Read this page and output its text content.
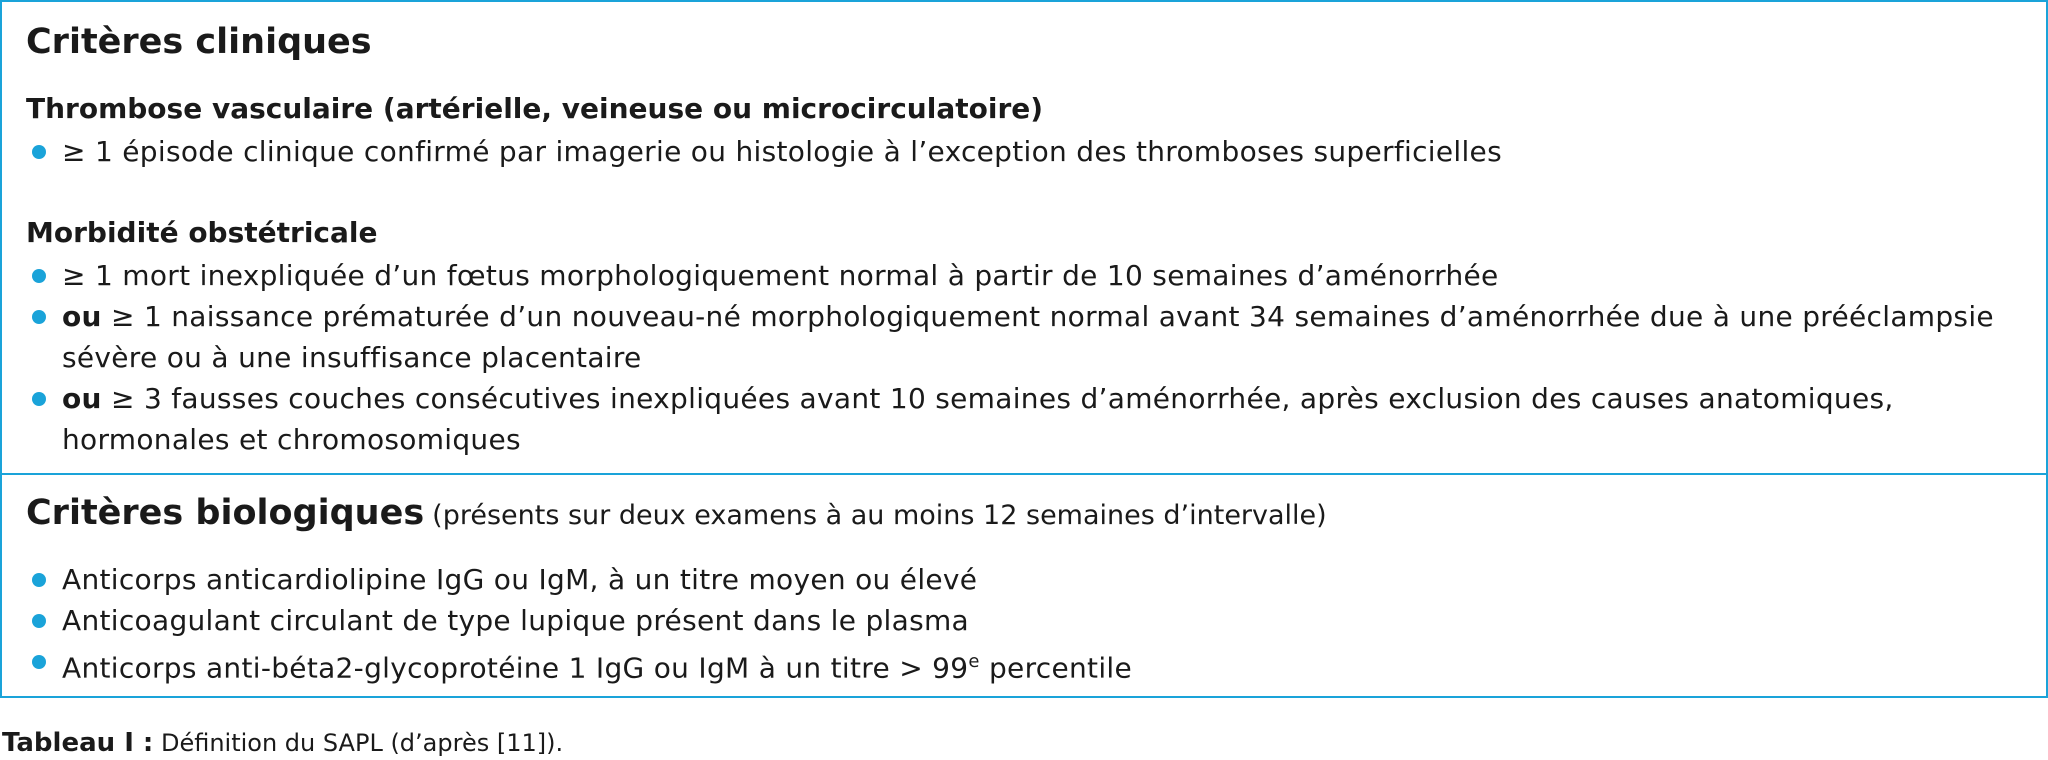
Critères cliniques
Thrombose vasculaire (artérielle, veineuse ou microcirculatoire)
≥ 1 épisode clinique confirmé par imagerie ou histologie à l’exception des thromboses superficielles
Morbidité obstétricale
≥ 1 mort inexpliquée d’un fœtus morphologiquement normal à partir de 10 semaines d’aménorrhée
ou ≥ 1 naissance prématurée d’un nouveau-né morphologiquement normal avant 34 semaines d’aménorrhée due à une prééclampsie
sévère ou à une insuffisance placentaire
ou ≥ 3 fausses couches consécutives inexpliquées avant 10 semaines d’aménorrhée, après exclusion des causes anatomiques,
hormonales et chromosomiques
Critères biologiques (présents sur deux examens à au moins 12 semaines d’intervalle)
Anticorps anticardiolipine IgG ou IgM, à un titre moyen ou élevé
Anticoagulant circulant de type lupique présent dans le plasma
Anticorps anti-béta2-glycoprotéine 1 IgG ou IgM à un titre > $99^e$ percentile
Tableau I : Définition du SAPL (d’après [11]).
